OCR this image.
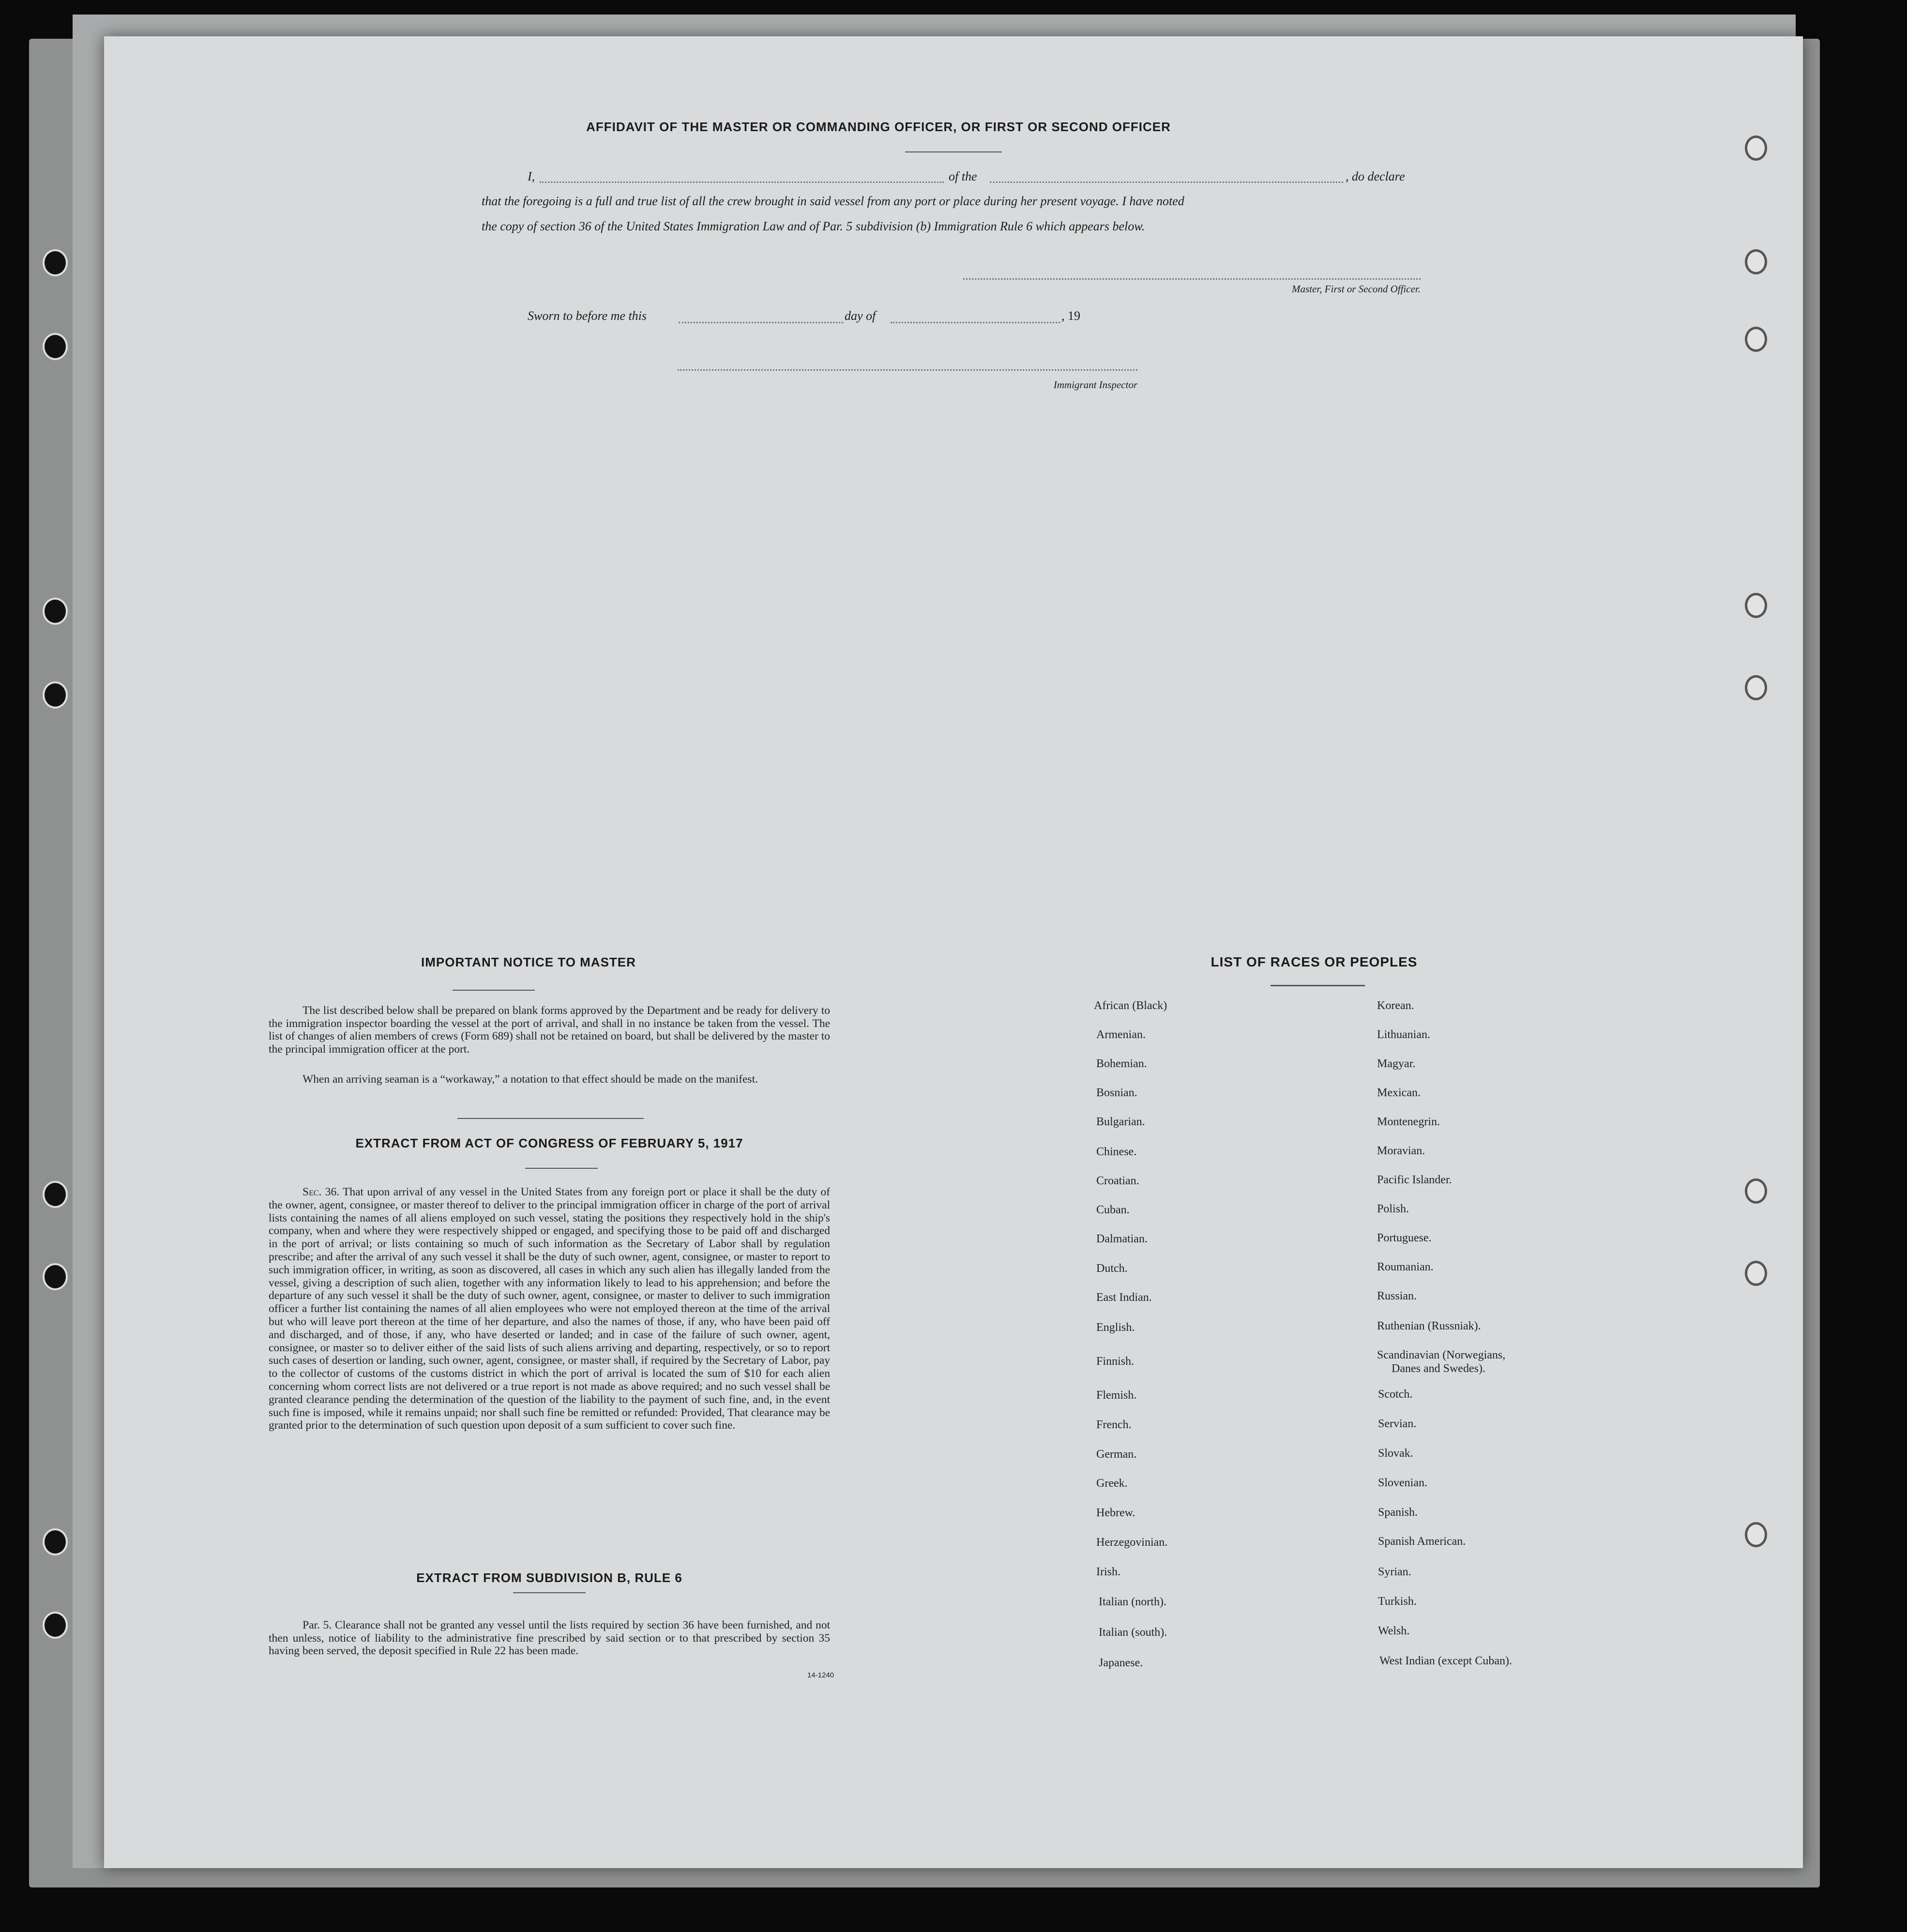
AFFIDAVIT OF THE MASTER OR COMMANDING OFFICER, OR FIRST OR SECOND OFFICER
I,	of the	, do declare
that the foregoing is a full and true list of all the crew brought in said vessel from any port or place during her present voyage. I have noted
the copy of section 36 of the United States Immigration Law and of Par. 5 subdivision (b) Immigration Rule 6 which appears below.
Master, First or Second Officer.
Sworn to before me this	day of	, 19
Immigrant Inspector
IMPORTANT NOTICE TO MASTER
The list described below shall be prepared on blank forms approved by the Department and be ready for delivery to the immigration inspector boarding the vessel at the port of arrival, and shall in no instance be taken from the vessel. The list of changes of alien members of crews (Form 689) shall not be retained on board, but shall be delivered by the master to the principal immigration officer at the port.
When an arriving seaman is a “workaway,” a notation to that effect should be made on the manifest.
EXTRACT FROM ACT OF CONGRESS OF FEBRUARY 5, 1917
Sec. 36. That upon arrival of any vessel in the United States from any foreign port or place it shall be the duty of the owner, agent, consignee, or master thereof to deliver to the principal immigration officer in charge of the port of arrival lists containing the names of all aliens employed on such vessel, stating the positions they respectively hold in the ship's company, when and where they were respectively shipped or engaged, and specifying those to be paid off and discharged in the port of arrival; or lists containing so much of such information as the Secretary of Labor shall by regulation prescribe; and after the arrival of any such vessel it shall be the duty of such owner, agent, consignee, or master to report to such immigration officer, in writing, as soon as discovered, all cases in which any such alien has illegally landed from the vessel, giving a description of such alien, together with any information likely to lead to his apprehension; and before the departure of any such vessel it shall be the duty of such owner, agent, consignee, or master to deliver to such immigration officer a further list containing the names of all alien employees who were not employed thereon at the time of the arrival but who will leave port thereon at the time of her departure, and also the names of those, if any, who have been paid off and discharged, and of those, if any, who have deserted or landed; and in case of the failure of such owner, agent, consignee, or master so to deliver either of the said lists of such aliens arriving and departing, respectively, or so to report such cases of desertion or landing, such owner, agent, consignee, or master shall, if required by the Secretary of Labor, pay to the collector of customs of the customs district in which the port of arrival is located the sum of $10 for each alien concerning whom correct lists are not delivered or a true report is not made as above required; and no such vessel shall be granted clearance pending the determination of the question of the liability to the payment of such fine, and, in the event such fine is imposed, while it remains unpaid; nor shall such fine be remitted or refunded: Provided, That clearance may be granted prior to the determination of such question upon deposit of a sum sufficient to cover such fine.
EXTRACT FROM SUBDIVISION B, RULE 6
Par. 5. Clearance shall not be granted any vessel until the lists required by section 36 have been furnished, and not then unless, notice of liability to the administrative fine prescribed by said section or to that prescribed by section 35 having been served, the deposit specified in Rule 22 has been made.
14-1240
LIST OF RACES OR PEOPLES
African (Black)
Armenian.
Bohemian.
Bosnian.
Bulgarian.
Chinese.
Croatian.
Cuban.
Dalmatian.
Dutch.
East Indian.
English.
Finnish.
Flemish.
French.
German.
Greek.
Hebrew.
Herzegovinian.
Irish.
Italian (north).
Italian (south).
Japanese.
Korean.
Lithuanian.
Magyar.
Mexican.
Montenegrin.
Moravian.
Pacific Islander.
Polish.
Portuguese.
Roumanian.
Russian.
Ruthenian (Russniak).
Scandinavian (Norwegians,
Danes and Swedes).
Scotch.
Servian.
Slovak.
Slovenian.
Spanish.
Spanish American.
Syrian.
Turkish.
Welsh.
West Indian (except Cuban).
